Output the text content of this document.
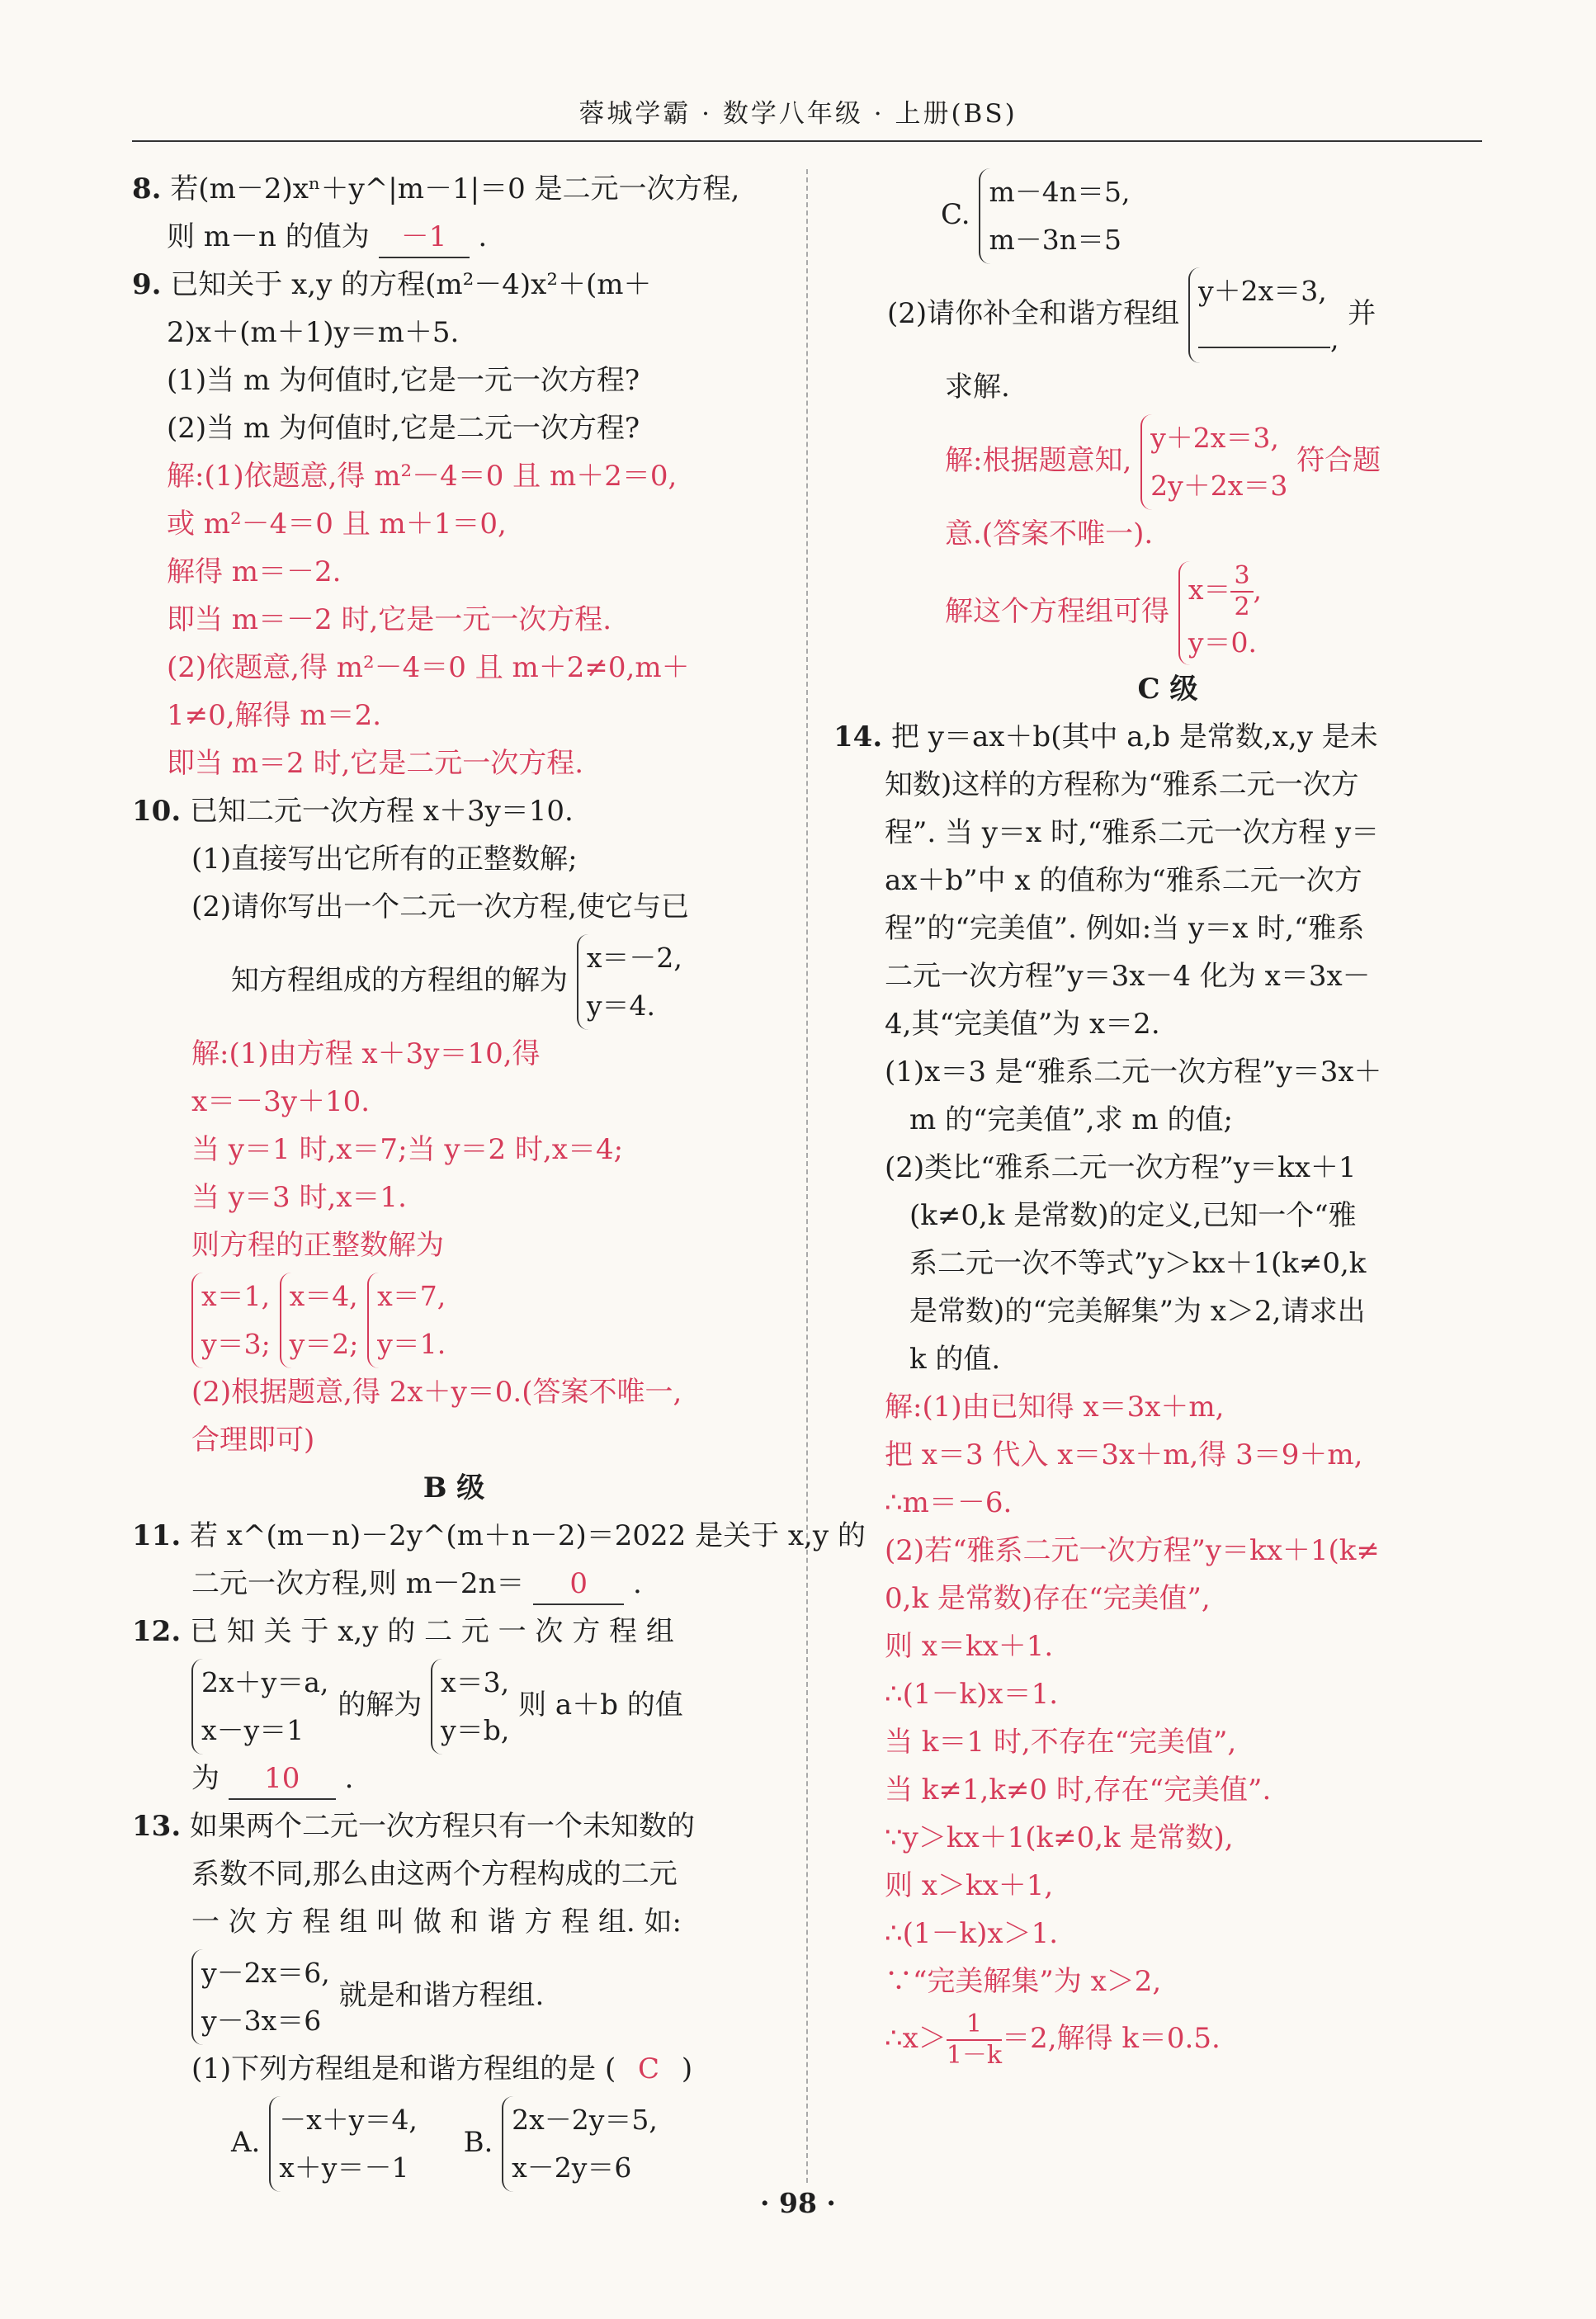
蓉城学霸 · 数学八年级 · 上册(BS)
8. 若(m－2)xⁿ＋y^|m－1|＝0 是二元一次方程,
则 m－n 的值为 －1 .
9. 已知关于 x,y 的方程(m²－4)x²＋(m＋
2)x＋(m＋1)y＝m＋5.
(1)当 m 为何值时,它是一元一次方程?
(2)当 m 为何值时,它是二元一次方程?
解:(1)依题意,得 m²－4＝0 且 m＋2＝0,
或 m²－4＝0 且 m＋1＝0,
解得 m＝－2.
即当 m＝－2 时,它是一元一次方程.
(2)依题意,得 m²－4＝0 且 m＋2≠0,m＋
1≠0,解得 m＝2.
即当 m＝2 时,它是二元一次方程.
10. 已知二元一次方程 x＋3y＝10.
(1)直接写出它所有的正整数解;
(2)请你写出一个二元一次方程,使它与已
知方程组成的方程组的解为
x＝－2,
y＝4.
解:(1)由方程 x＋3y＝10,得
x＝－3y＋10.
当 y＝1 时,x＝7;当 y＝2 时,x＝4;
当 y＝3 时,x＝1.
则方程的正整数解为
x＝1,
y＝3;

x＝4,
y＝2;

x＝7,
y＝1.
(2)根据题意,得 2x＋y＝0.(答案不唯一,
合理即可)
B 级
11. 若 x^(m－n)－2y^(m＋n－2)＝2022 是关于 x,y 的
二元一次方程,则 m－2n＝ 0 .
12. 已 知 关 于 x,y 的 二 元 一 次 方 程 组
2x＋y＝a,
x－y＝1
的解为
x＝3,
y＝b,
则 a＋b 的值
为 10 .
13. 如果两个二元一次方程只有一个未知数的
系数不同,那么由这两个方程构成的二元
一 次 方 程 组 叫 做 和 谐 方 程 组. 如:
y－2x＝6,
y－3x＝6
就是和谐方程组.
(1)下列方程组是和谐方程组的是 ( C )
A.
－x＋y＝4,
x＋y＝－1
B.
2x－2y＝5,
x－2y＝6
C.
m－4n＝5,
m－3n＝5
(2)请你补全和谐方程组
y＋2x＝3,
,
并
求解.
解:根据题意知,
y＋2x＝3,
2y＋2x＝3
符合题
意.(答案不唯一).
解这个方程组可得
$x= \frac{3}{2}$ ,
y＝0.
C 级
14. 把 y＝ax＋b(其中 a,b 是常数,x,y 是未
知数)这样的方程称为“雅系二元一次方
程”. 当 y＝x 时,“雅系二元一次方程 y＝
ax＋b”中 x 的值称为“雅系二元一次方
程”的“完美值”. 例如:当 y＝x 时,“雅系
二元一次方程”y＝3x－4 化为 x＝3x－
4,其“完美值”为 x＝2.
(1)x＝3 是“雅系二元一次方程”y＝3x＋
m 的“完美值”,求 m 的值;
(2)类比“雅系二元一次方程”y＝kx＋1
(k≠0,k 是常数)的定义,已知一个“雅
系二元一次不等式”y＞kx＋1(k≠0,k
是常数)的“完美解集”为 x＞2,请求出
k 的值.
解:(1)由已知得 x＝3x＋m,
把 x＝3 代入 x＝3x＋m,得 3＝9＋m,
∴m＝－6.
(2)若“雅系二元一次方程”y＝kx＋1(k≠
0,k 是常数)存在“完美值”,
则 x＝kx＋1.
∴(1－k)x＝1.
当 k＝1 时,不存在“完美值”,
当 k≠1,k≠0 时,存在“完美值”.
∵y＞kx＋1(k≠0,k 是常数),
则 x＞kx＋1,
∴(1－k)x＞1.
∵“完美解集”为 x＞2,
∴x＞ $\frac{1}{1-k} =2$,解得 k＝0.5.
· 98 ·
